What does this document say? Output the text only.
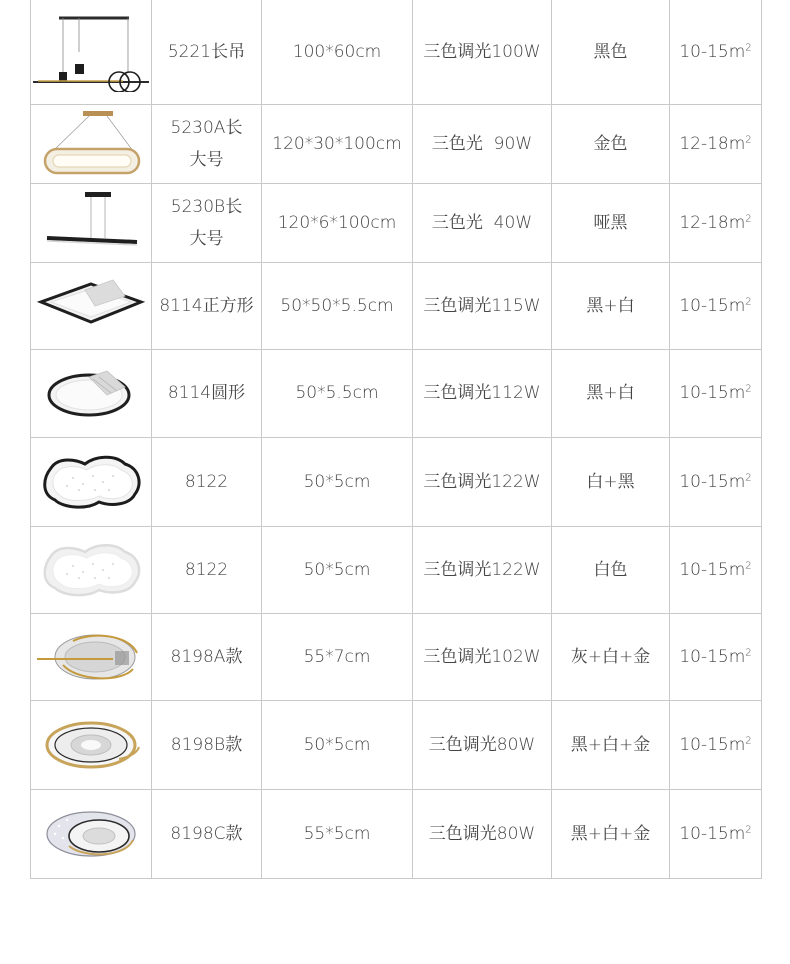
	5221长吊	100*60cm	三色调光100W	黑色	$10-15m^2$

	5230A长大号	120*30*100cm	三色光  90W	金色	$12-18m^2$

	5230B长大号	120*6*100cm	三色光  40W	哑黑	$12-18m^2$

	8114正方形	50*50*5.5cm	三色调光115W	黑+白	$10-15m^2$

	8114圆形	50*5.5cm	三色调光112W	黑+白	$10-15m^2$

	8122	50*5cm	三色调光122W	白+黑	$10-15m^2$

	8122	50*5cm	三色调光122W	白色	$10-15m^2$

	8198A款	55*7cm	三色调光102W	灰+白+金	$10-15m^2$

	8198B款	50*5cm	三色调光80W	黑+白+金	$10-15m^2$

	8198C款	55*5cm	三色调光80W	黑+白+金	$10-15m^2$
